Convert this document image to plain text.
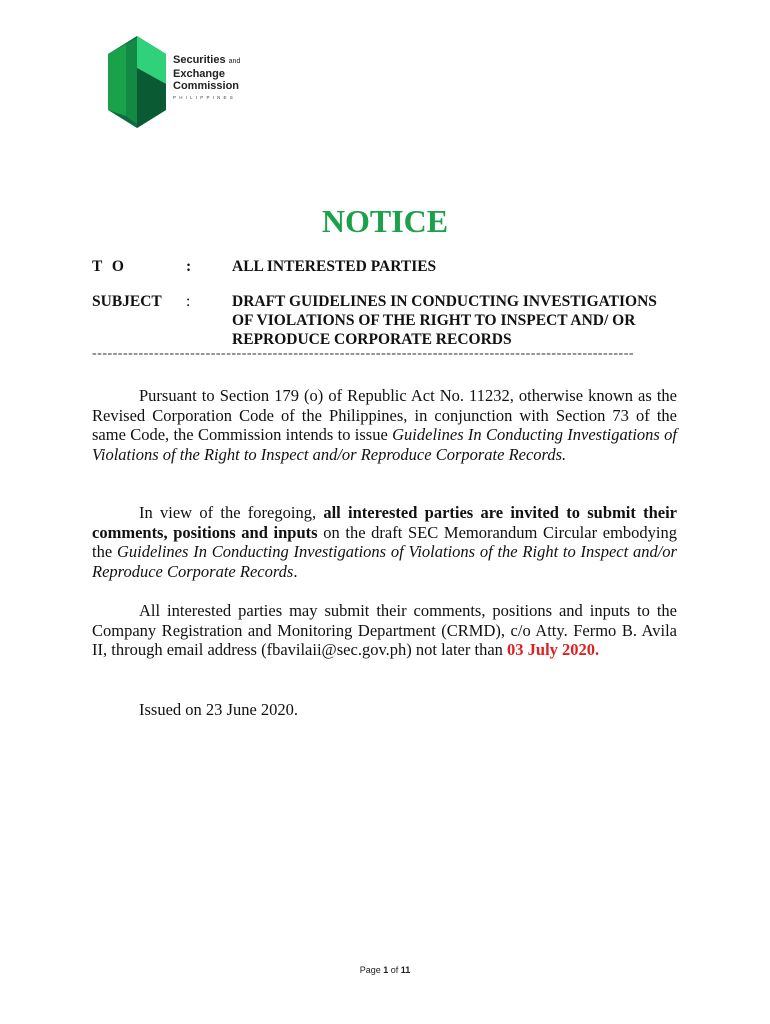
Securities and
Exchange
Commission
PHILIPPINES
NOTICE
T O	:	ALL INTERESTED PARTIES
SUBJECT :	DRAFT GUIDELINES IN CONDUCTING INVESTIGATIONS
OF VIOLATIONS OF THE RIGHT TO INSPECT AND/ OR
REPRODUCE CORPORATE RECORDS
---------------------------------------------------------------------------------------------------------

Pursuant to Section 179 (o) of Republic Act No. 11232, otherwise known as the Revised Corporation Code of the Philippines, in conjunction with Section 73 of the same Code, the Commission intends to issue Guidelines In Conducting Investigations of Violations of the Right to Inspect and/or Reproduce Corporate Records.

In view of the foregoing, all interested parties are invited to submit their comments, positions and inputs on the draft SEC Memorandum Circular embodying the Guidelines In Conducting Investigations of Violations of the Right to Inspect and/or Reproduce Corporate Records.

All interested parties may submit their comments, positions and inputs to the Company Registration and Monitoring Department (CRMD), c/o Atty. Fermo B. Avila II, through email address (fbavilaii@sec.gov.ph) not later than 03 July 2020.

Issued on 23 June 2020.

Page 1 of 11
